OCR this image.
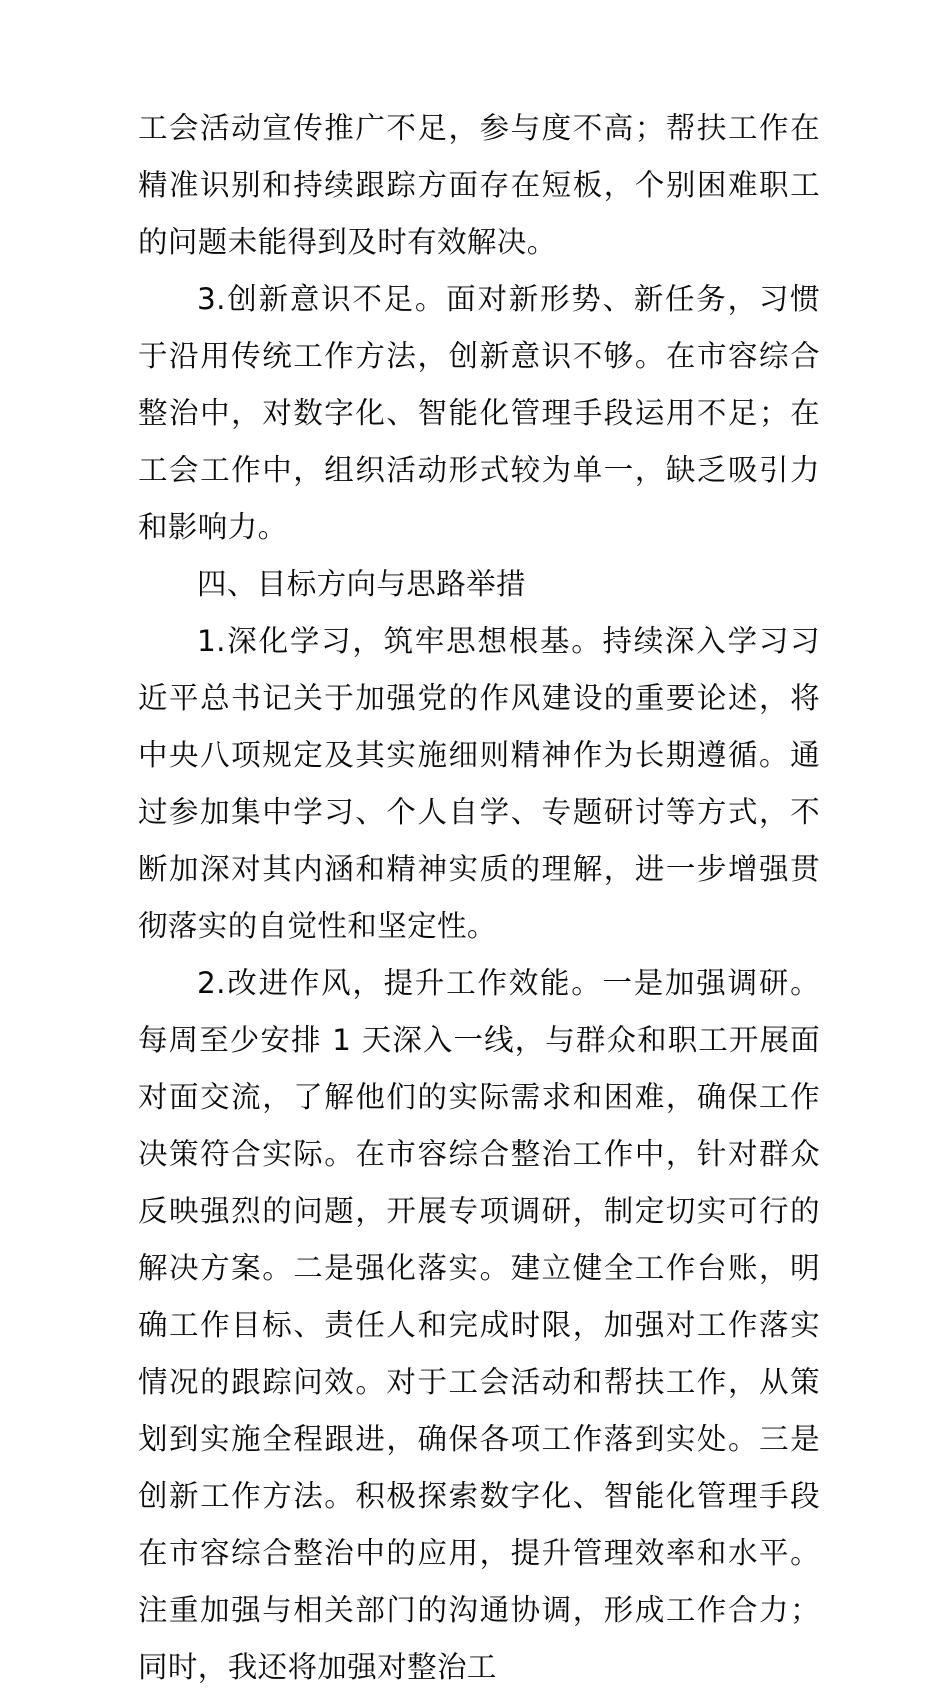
工会活动宣传推广不足，参与度不高；帮扶工作在精准识别和持续跟踪方面存在短板，个别困难职工的问题未能得到及时有效解决。

3.创新意识不足。面对新形势、新任务，习惯于沿用传统工作方法，创新意识不够。在市容综合整治中，对数字化、智能化管理手段运用不足；在工会工作中，组织活动形式较为单一，缺乏吸引力和影响力。

四、目标方向与思路举措

1.深化学习，筑牢思想根基。持续深入学习习近平总书记关于加强党的作风建设的重要论述，将中央八项规定及其实施细则精神作为长期遵循。通过参加集中学习、个人自学、专题研讨等方式，不断加深对其内涵和精神实质的理解，进一步增强贯彻落实的自觉性和坚定性。

2.改进作风，提升工作效能。一是加强调研。每周至少安排 1 天深入一线，与群众和职工开展面对面交流，了解他们的实际需求和困难，确保工作决策符合实际。在市容综合整治工作中，针对群众反映强烈的问题，开展专项调研，制定切实可行的解决方案。二是强化落实。建立健全工作台账，明确工作目标、责任人和完成时限，加强对工作落实情况的跟踪问效。对于工会活动和帮扶工作，从策划到实施全程跟进，确保各项工作落到实处。三是创新工作方法。积极探索数字化、智能化管理手段在市容综合整治中的应用，提升管理效率和水平。注重加强与相关部门的沟通协调，形成工作合力；同时，我还将加强对整治工
